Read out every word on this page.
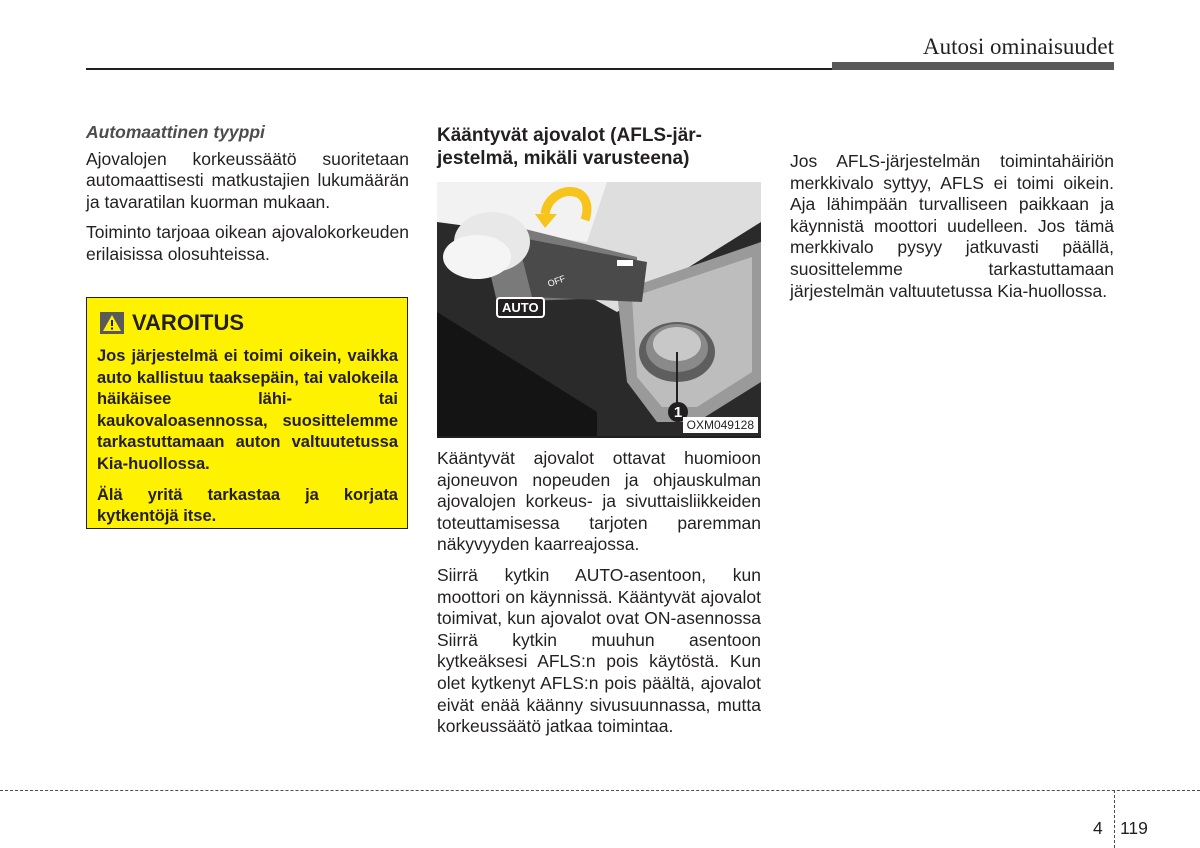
Autosi ominaisuudet

Automaattinen tyyppi

Ajovalojen korkeussäätö suoritetaan automaattisesti matkustajien lukumäärän ja tavaratilan kuorman mukaan.

Toiminto tarjoaa oikean ajovalokorkeuden erilaisissa olosuhteissa.

VAROITUS

Jos järjestelmä ei toimi oikein, vaikka auto kallistuu taaksepäin, tai valokeila häikäisee lähi- tai kaukovaloasennossa, suosittelemme tarkastuttamaan auton valtuutetussa Kia-huollossa.

Älä yritä tarkastaa ja korjata kytkentöjä itse.

Kääntyvät ajovalot (AFLS-jär-
jestelmä, mikäli varusteena)
OFF
AUTO
1
OXM049128

Kääntyvät ajovalot ottavat huomioon ajoneuvon nopeuden ja ohjauskulman ajovalojen korkeus- ja sivuttaisliikkeiden toteuttamisessa tarjoten paremman näkyvyyden kaarreajossa.

Siirrä kytkin AUTO-asentoon, kun moottori on käynnissä. Kääntyvät ajovalot toimivat, kun ajovalot ovat ON-asennossa Siirrä kytkin muuhun asentoon kytkeäksesi AFLS:n pois käytöstä. Kun olet kytkenyt AFLS:n pois päältä, ajovalot eivät enää käänny sivusuunnassa, mutta korkeussäätö jatkaa toimintaa.

Jos AFLS-järjestelmän toimintahäiriön merkkivalo syttyy, AFLS ei toimi oikein. Aja lähimpään turvalliseen paikkaan ja käynnistä moottori uudelleen. Jos tämä merkkivalo pysyy jatkuvasti päällä, suosittelemme tarkastuttamaan järjestelmän valtuutetussa Kia-huollossa.

4 119
